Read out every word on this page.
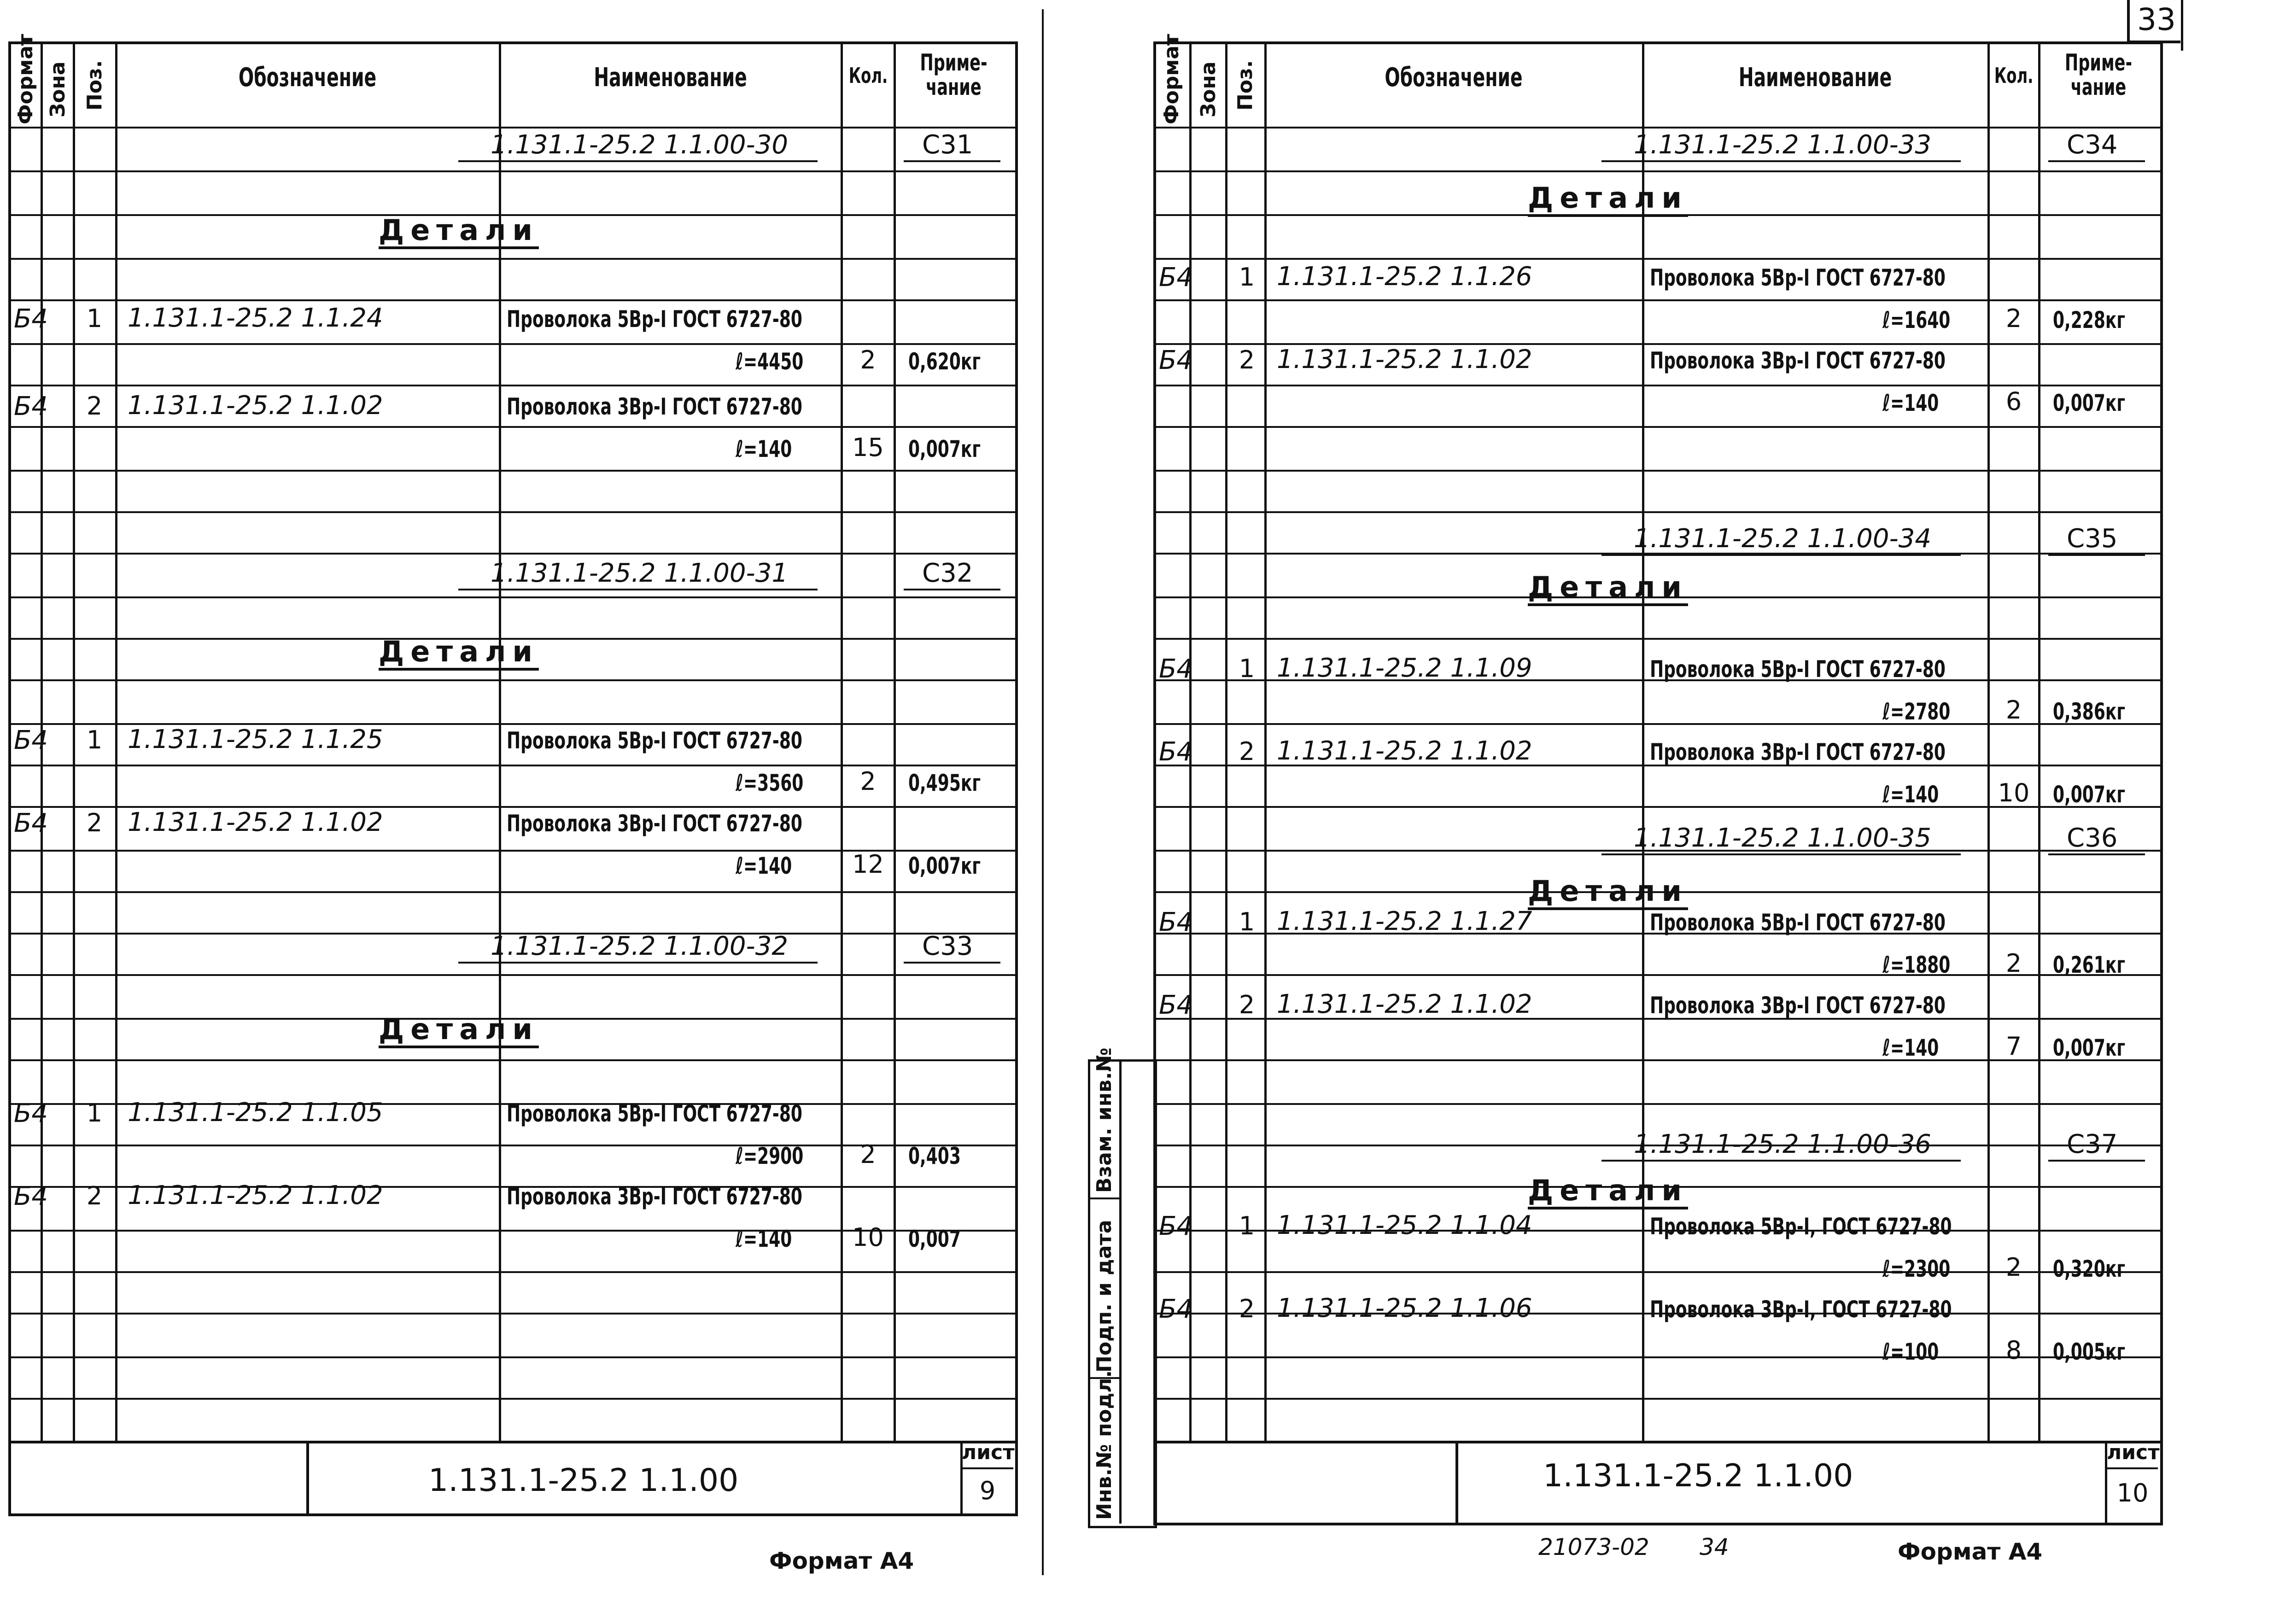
33
Формат Зона Поз.	Обозначение	Наименование	Кол.	Приме-чание
1.131.1-25.2 1.1.00-30	С31
Детали
Б4	1 1.131.1-25.2 1.1.24	Проволока 5Вр-I ГОСТ 6727-80
ℓ=4450	2	0,620кг
Б4	2 1.131.1-25.2 1.1.02	Проволока 3Вр-I ГОСТ 6727-80
ℓ=140	15	0,007кг
1.131.1-25.2 1.1.00-31	С32
Детали
Б4	1 1.131.1-25.2 1.1.25	Проволока 5Вр-I ГОСТ 6727-80
ℓ=3560	2	0,495кг
Б4	2 1.131.1-25.2 1.1.02	Проволока 3Вр-I ГОСТ 6727-80
ℓ=140	12	0,007кг
1.131.1-25.2 1.1.00-32	С33
Детали
Б4	1 1.131.1-25.2 1.1.05	Проволока 5Вр-I ГОСТ 6727-80
ℓ=2900	2	0,403
Б4	2 1.131.1-25.2 1.1.02	Проволока 3Вр-I ГОСТ 6727-80
ℓ=140	10	0,007
1.131.1-25.2 1.1.00
лист
9
Формат А4
Формат Зона Поз.	Обозначение	Наименование	Кол.	Приме-чание
1.131.1-25.2 1.1.00-33	С34
Детали
Б4	1 1.131.1-25.2 1.1.26	Проволока 5Вр-I ГОСТ 6727-80
ℓ=1640	2	0,228кг
Б4	2 1.131.1-25.2 1.1.02	Проволока 3Вр-I ГОСТ 6727-80
ℓ=140	6	0,007кг
1.131.1-25.2 1.1.00-34	С35
Детали
Б4	1 1.131.1-25.2 1.1.09	Проволока 5Вр-I ГОСТ 6727-80
ℓ=2780	2	0,386кг
Б4	2 1.131.1-25.2 1.1.02	Проволока 3Вр-I ГОСТ 6727-80
ℓ=140	10	0,007кг
1.131.1-25.2 1.1.00-35	С36
Детали
Б4	1 1.131.1-25.2 1.1.27	Проволока 5Вр-I ГОСТ 6727-80
ℓ=1880	2	0,261кг
Б4	2 1.131.1-25.2 1.1.02	Проволока 3Вр-I ГОСТ 6727-80
ℓ=140	7	0,007кг
1.131.1-25.2 1.1.00-36	С37
Детали
Б4	1 1.131.1-25.2 1.1.04	Проволока 5Вр-I, ГОСТ 6727-80
ℓ=2300	2	0,320кг
Б4	2 1.131.1-25.2 1.1.06	Проволока 3Вр-I, ГОСТ 6727-80
ℓ=100	8	0,005кг
1.131.1-25.2 1.1.00
лист
10
Инв.№ подл.
Подп. и дата
Взам. инв.№
21073-02 34	Формат А4
